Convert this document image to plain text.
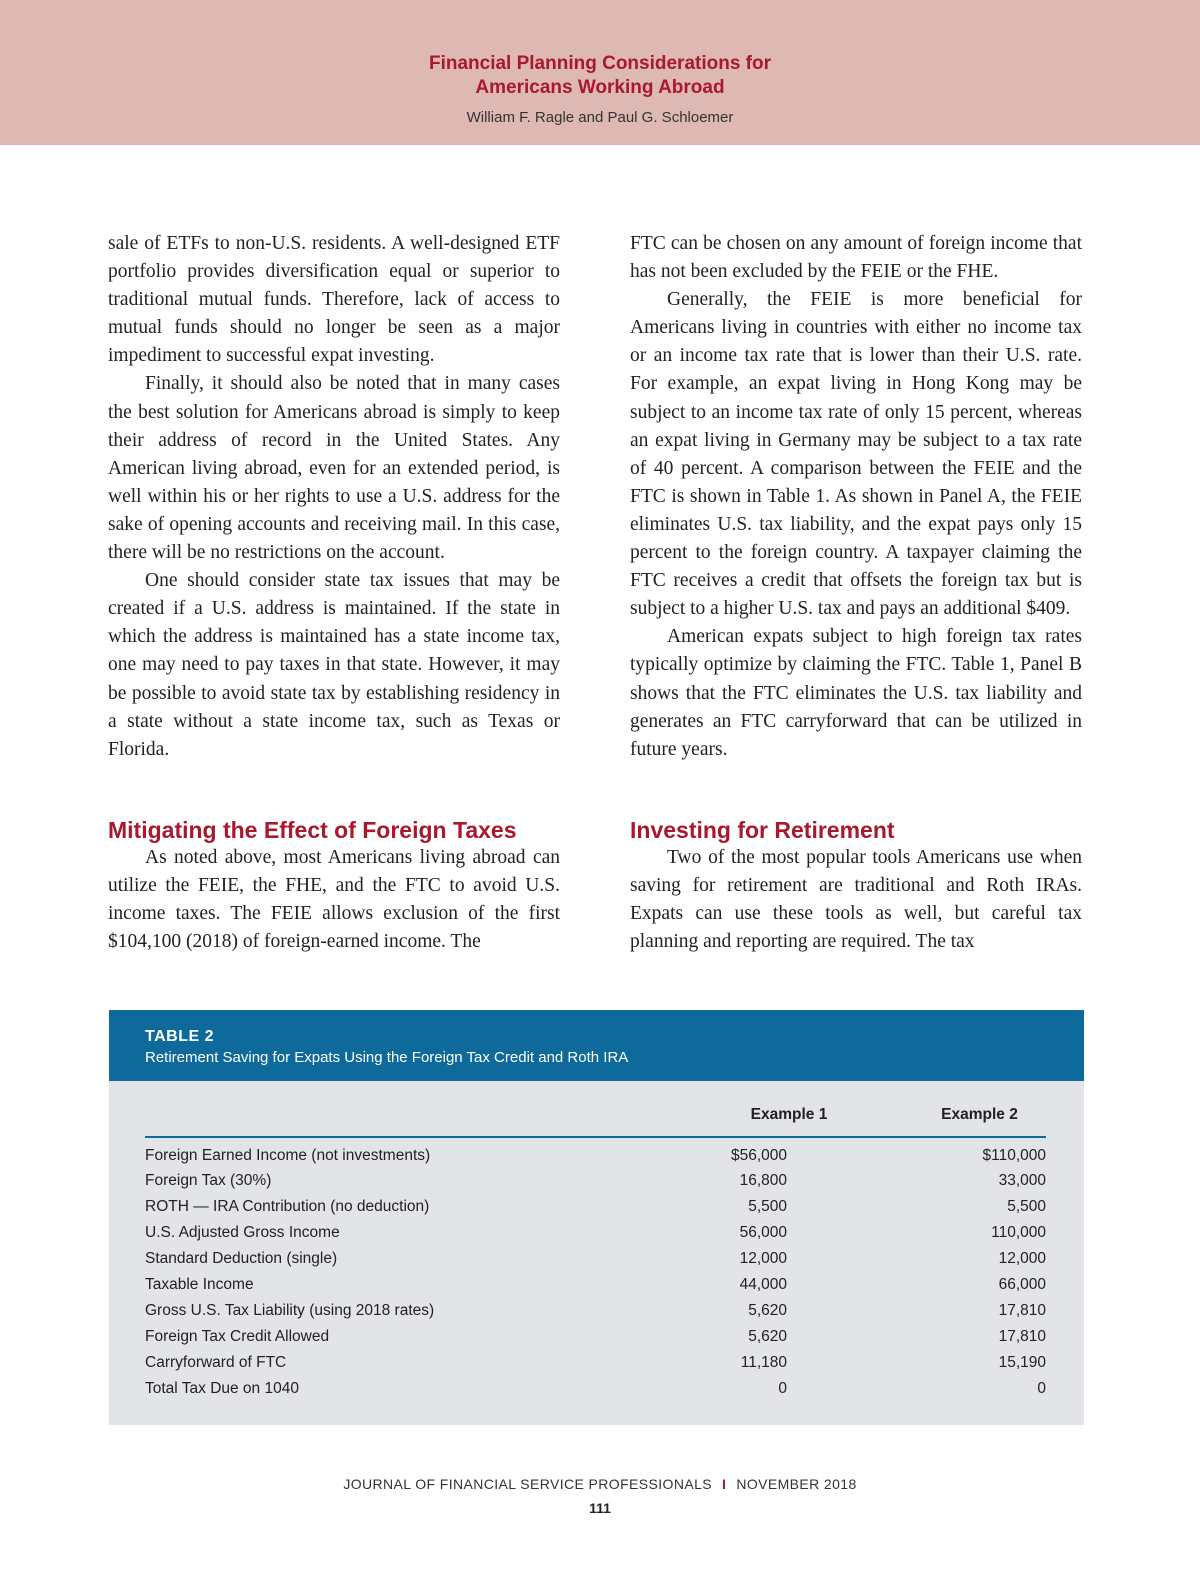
Financial Planning Considerations for
Americans Working Abroad
William F. Ragle and Paul G. Schloemer

sale of ETFs to non-U.S. residents. A well-designed ETF portfolio provides diversification equal or superior to traditional mutual funds. Therefore, lack of access to mutual funds should no longer be seen as a major impediment to successful expat investing.

Finally, it should also be noted that in many cases the best solution for Americans abroad is simply to keep their address of record in the United States. Any American living abroad, even for an extended period, is well within his or her rights to use a U.S. address for the sake of opening accounts and receiving mail. In this case, there will be no restrictions on the account.

One should consider state tax issues that may be created if a U.S. address is maintained. If the state in which the address is maintained has a state income tax, one may need to pay taxes in that state. However, it may be possible to avoid state tax by establishing residency in a state without a state income tax, such as Texas or Florida.

Mitigating the Effect of Foreign Taxes

As noted above, most Americans living abroad can utilize the FEIE, the FHE, and the FTC to avoid U.S. income taxes. The FEIE allows exclusion of the first $104,100 (2018) of foreign-earned income. The

FTC can be chosen on any amount of foreign income that has not been excluded by the FEIE or the FHE.

Generally, the FEIE is more beneficial for Americans living in countries with either no income tax or an income tax rate that is lower than their U.S. rate. For example, an expat living in Hong Kong may be subject to an income tax rate of only 15 percent, whereas an expat living in Germany may be subject to a tax rate of 40 percent. A comparison between the FEIE and the FTC is shown in Table 1. As shown in Panel A, the FEIE eliminates U.S. tax liability, and the expat pays only 15 percent to the foreign country. A taxpayer claiming the FTC receives a credit that offsets the foreign tax but is subject to a higher U.S. tax and pays an additional $409.

American expats subject to high foreign tax rates typically optimize by claiming the FTC. Table 1, Panel B shows that the FTC eliminates the U.S. tax liability and generates an FTC carryforward that can be utilized in future years.

Investing for Retirement

Two of the most popular tools Americans use when saving for retirement are traditional and Roth IRAs. Expats can use these tools as well, but careful tax planning and reporting are required. The tax

TABLE 2
Retirement Saving for Expats Using the Foreign Tax Credit and Roth IRA
	Example 1		Example 2
Foreign Earned Income (not investments)	$56,000		$110,000
Foreign Tax (30%)	16,800		33,000
ROTH — IRA Contribution (no deduction)	5,500		5,500
U.S. Adjusted Gross Income	56,000		110,000
Standard Deduction (single)	12,000		12,000
Taxable Income	44,000		66,000
Gross U.S. Tax Liability (using 2018 rates)	5,620		17,810
Foreign Tax Credit Allowed	5,620		17,810
Carryforward of FTC	11,180		15,190
Total Tax Due on 1040	0		0
JOURNAL OF FINANCIAL SERVICE PROFESSIONALS I NOVEMBER 2018
111
